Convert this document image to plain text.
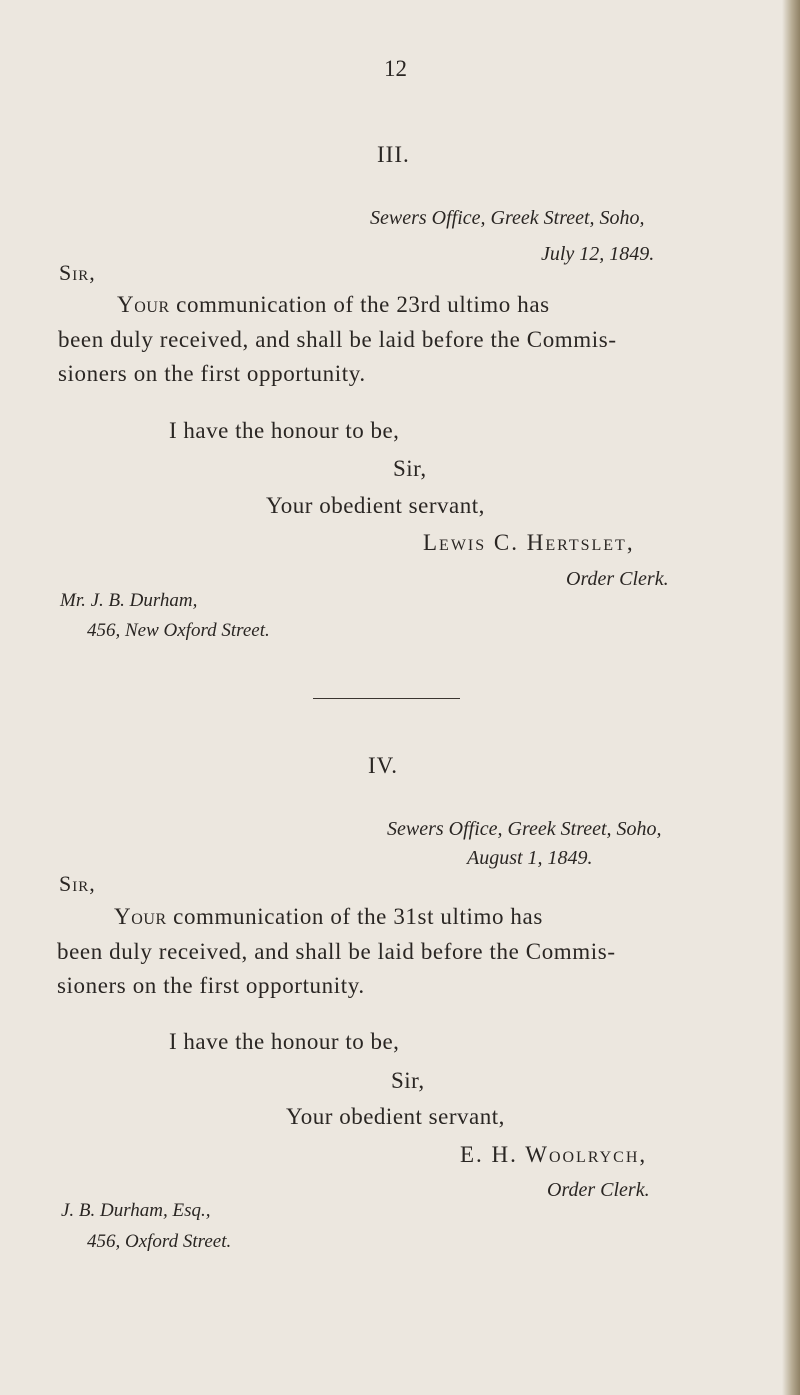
12
III.
Sewers Office, Greek Street, Soho,
July 12, 1849.
Sir,
Your communication of the 23rd ultimo has
been duly received, and shall be laid before the Commis-
sioners on the first opportunity.
I have the honour to be,
Sir,
Your obedient servant,
Lewis C. Hertslet,
Order Clerk.
Mr. J. B. Durham,
456, New Oxford Street.
IV.
Sewers Office, Greek Street, Soho,
August 1, 1849.
Sir,
Your communication of the 31st ultimo has
been duly received, and shall be laid before the Commis-
sioners on the first opportunity.
I have the honour to be,
Sir,
Your obedient servant,
E. H. Woolrych,
Order Clerk.
J. B. Durham, Esq.,
456, Oxford Street.
